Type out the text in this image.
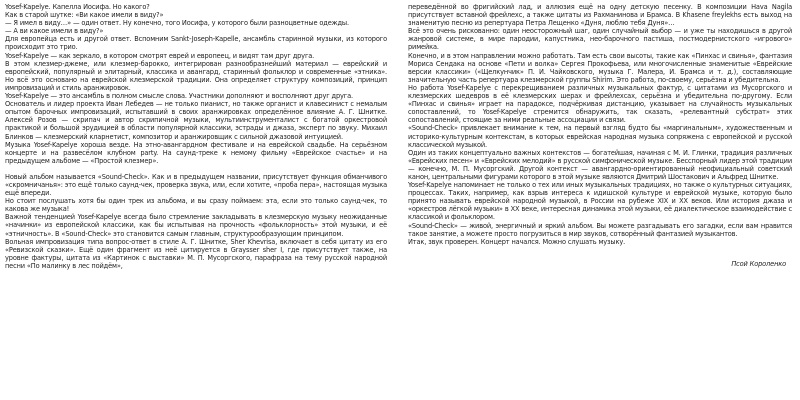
Yosef-Kapelye. Капелла Иосифа. Но какого?

Как в старой шутке: «Ви какое имели в виду?»

— Я имел в виду…» — один ответ. Ну конечно, того Иосифа, у которого были разноцветные одежды.

— А ви какое имели в виду?»

Для европейца есть и другой ответ. Вспомним Sankt-Joseph-Kapelle, ансамбль старинной музыки, из которого происходит это трио.

Yosef-Kapelye — как зеркало, в котором смотрят еврей и европеец, и видят там друг друга.

В этом клезмер-джеме, или клезмер-барокко, интегрирован разнообразнейший материал — еврейский и европейский, популярный и элитарный, классика и авангард, старинный фольклор и современные «этника». Но всё это основано на еврейской клезмерской традиции. Она определяет структуру композиций, принцип импровизаций и стиль аранжировок.

Yosef-Kapelye — это ансамбль в полном смысле слова. Участники дополняют и восполняют друг друга.

Основатель и лидер проекта Иван Лебедев — не только пианист, но также органист и клавесинист с немалым опытом барочных импровизаций, испытавший в своих аранжировках определённое влияние А. Г. Шнитке. Алексей Розов — скрипач и автор скрипичной музыки, мультиинструменталист с богатой оркестровой практикой и большой эрудицией в области популярной классики, эстрады и джаза, эксперт по звуку. Михаил Блинков — клезмерский кларнетист, композитор и аранжировщик с сильной джазовой интуицией.

Музыка Yosef-Kapelye хороша везде. На этно-авангардном фестивале и на еврейской свадьбе. На серьёзном концерте и на развесёлом клубном party. На саунд-треке к немому фильму «Еврейское счастье» и на предыдущем альбоме — «Простой клезмер».

Новый альбом называется «Sound-Check». Как и в предыдущем названии, присутствует функция обманчивого «скромничанья»: это ещё только саунд-чек, проверка звука, или, если хотите, «проба пера», настоящая музыка ещё впереди.

Но стоит послушать хотя бы один трек из альбома, и вы сразу поймаем: эта, если это только саунд-чек, то какова же музыка!

Важной тенденцией Yosef-Kapelye всегда было стремление закладывать в клезмерскую музыку неожиданные «начинки» из европейской классики, как бы испытывая на прочность «фольклорность» этой музыки, и её «этничность». В «Sound-Check» это становится самым главным, структурообразующим принципом.

Вольная импровизация типа вопрос-ответ в стиле А. Г. Шнитке, Sher Khevrisa, включает в себя цитату из его «Ревизской сказки». Ещё один фрагмент из неё цитируется в Graysser sher I, где присутствует также, на уровне фактуры, цитата из «Картинок с выставки» М. П. Мусоргского, парафраза на тему русской народной песни «По малинку в лес пойдём»,

переведённой во фригийский лад, и аллюзия ещё на одну детскую песенку. В композиции Hava Nagila присутствует вставной фрейлехс, а также цитаты из Рахманинова и Брамса. В Khasene freylekhs есть выход на знаменитую песню из репертуара Петра Лещенко «Дуня, люблю тебя Дуня»…

Всё это очень рискованно: один неосторожный шаг, один случайный выбор — и уже ты находишься в другой жанровой системе, в мире пародии, капустника, нео-барочного пастиша, постмодернистского «игрового» римейка.

Конечно, и в этом направлении можно работать. Там есть свои высоты, такие как «Пинхас и свинья», фантазия Мориса Сендака на основе «Пети и волка» Сергея Прокофьева, или многочисленные знаменитые «Еврейские версии классики» («Щелкунчик» П. И. Чайковского, музыка Г. Малера, И. Брамса и т. д.), составляющие значительную часть репертуара клезмерской группы Shirim. Это работа, по-своему, серьёзна и убедительна.

Но работа Yosef-Kapelye с перекрещиванием различных музыкальных фактур, с цитатами из Мусоргского и клезмерских шедевров в её клезмерских шерах и фрейлехсах, серьёзна и убедительна по-другому. Если «Пинхас и свинья» играет на парадоксе, подчёркивая дистанцию, указывает на случайность музыкальных сопоставлений, то Yosef-Kapelye стремится обнаружить, так сказать, «релевантный субстрат» этих сопоставлений, стоящие за ними реальные ассоциации и связи.

«Sound-Check» привлекает внимание к тем, на первый взгляд будто бы «маргинальным», художественным и историко-культурным контекстам, в которых еврейская народная музыка сопряжена с европейской и русской классической музыкой.

Один из таких концептуально важных контекстов — богатейшая, начиная с М. И. Глинки, традиция различных «Еврейских песен» и «Еврейских мелодий» в русской симфонической музыке. Бесспорный лидер этой традиции — конечно, М. П. Мусоргский. Другой контекст — авангардно-ориентированный неофициальный советский канон, центральными фигурами которого в этой музыке являются Дмитрий Шостакович и Альфред Шнитке.

Yosef-Kapelye напоминает не только о тех или иных музыкальных традициях, но также о культурных ситуациях, процессах. Таких, например, как взрыв интереса к идишской культуре и еврейской музыке, которую было принято называть еврейской народной музыкой, в России на рубеже XIX и XX веков. Или история джаза и «оркестров лёгкой музыки» в XX веке, интересная динамика этой музыки, её диалектическое взаимодействие с классикой и фольклором.

«Sound-Check» — живой, энергичный и яркий альбом. Вы можете разгадывать его загадки, если вам нравится такое занятие, а можете просто погрузиться в мир звуков, сотворённый фантазией музыкантов.

Итак, звук проверен. Концерт начался. Можно слушать музыку.

Псой Короленко
